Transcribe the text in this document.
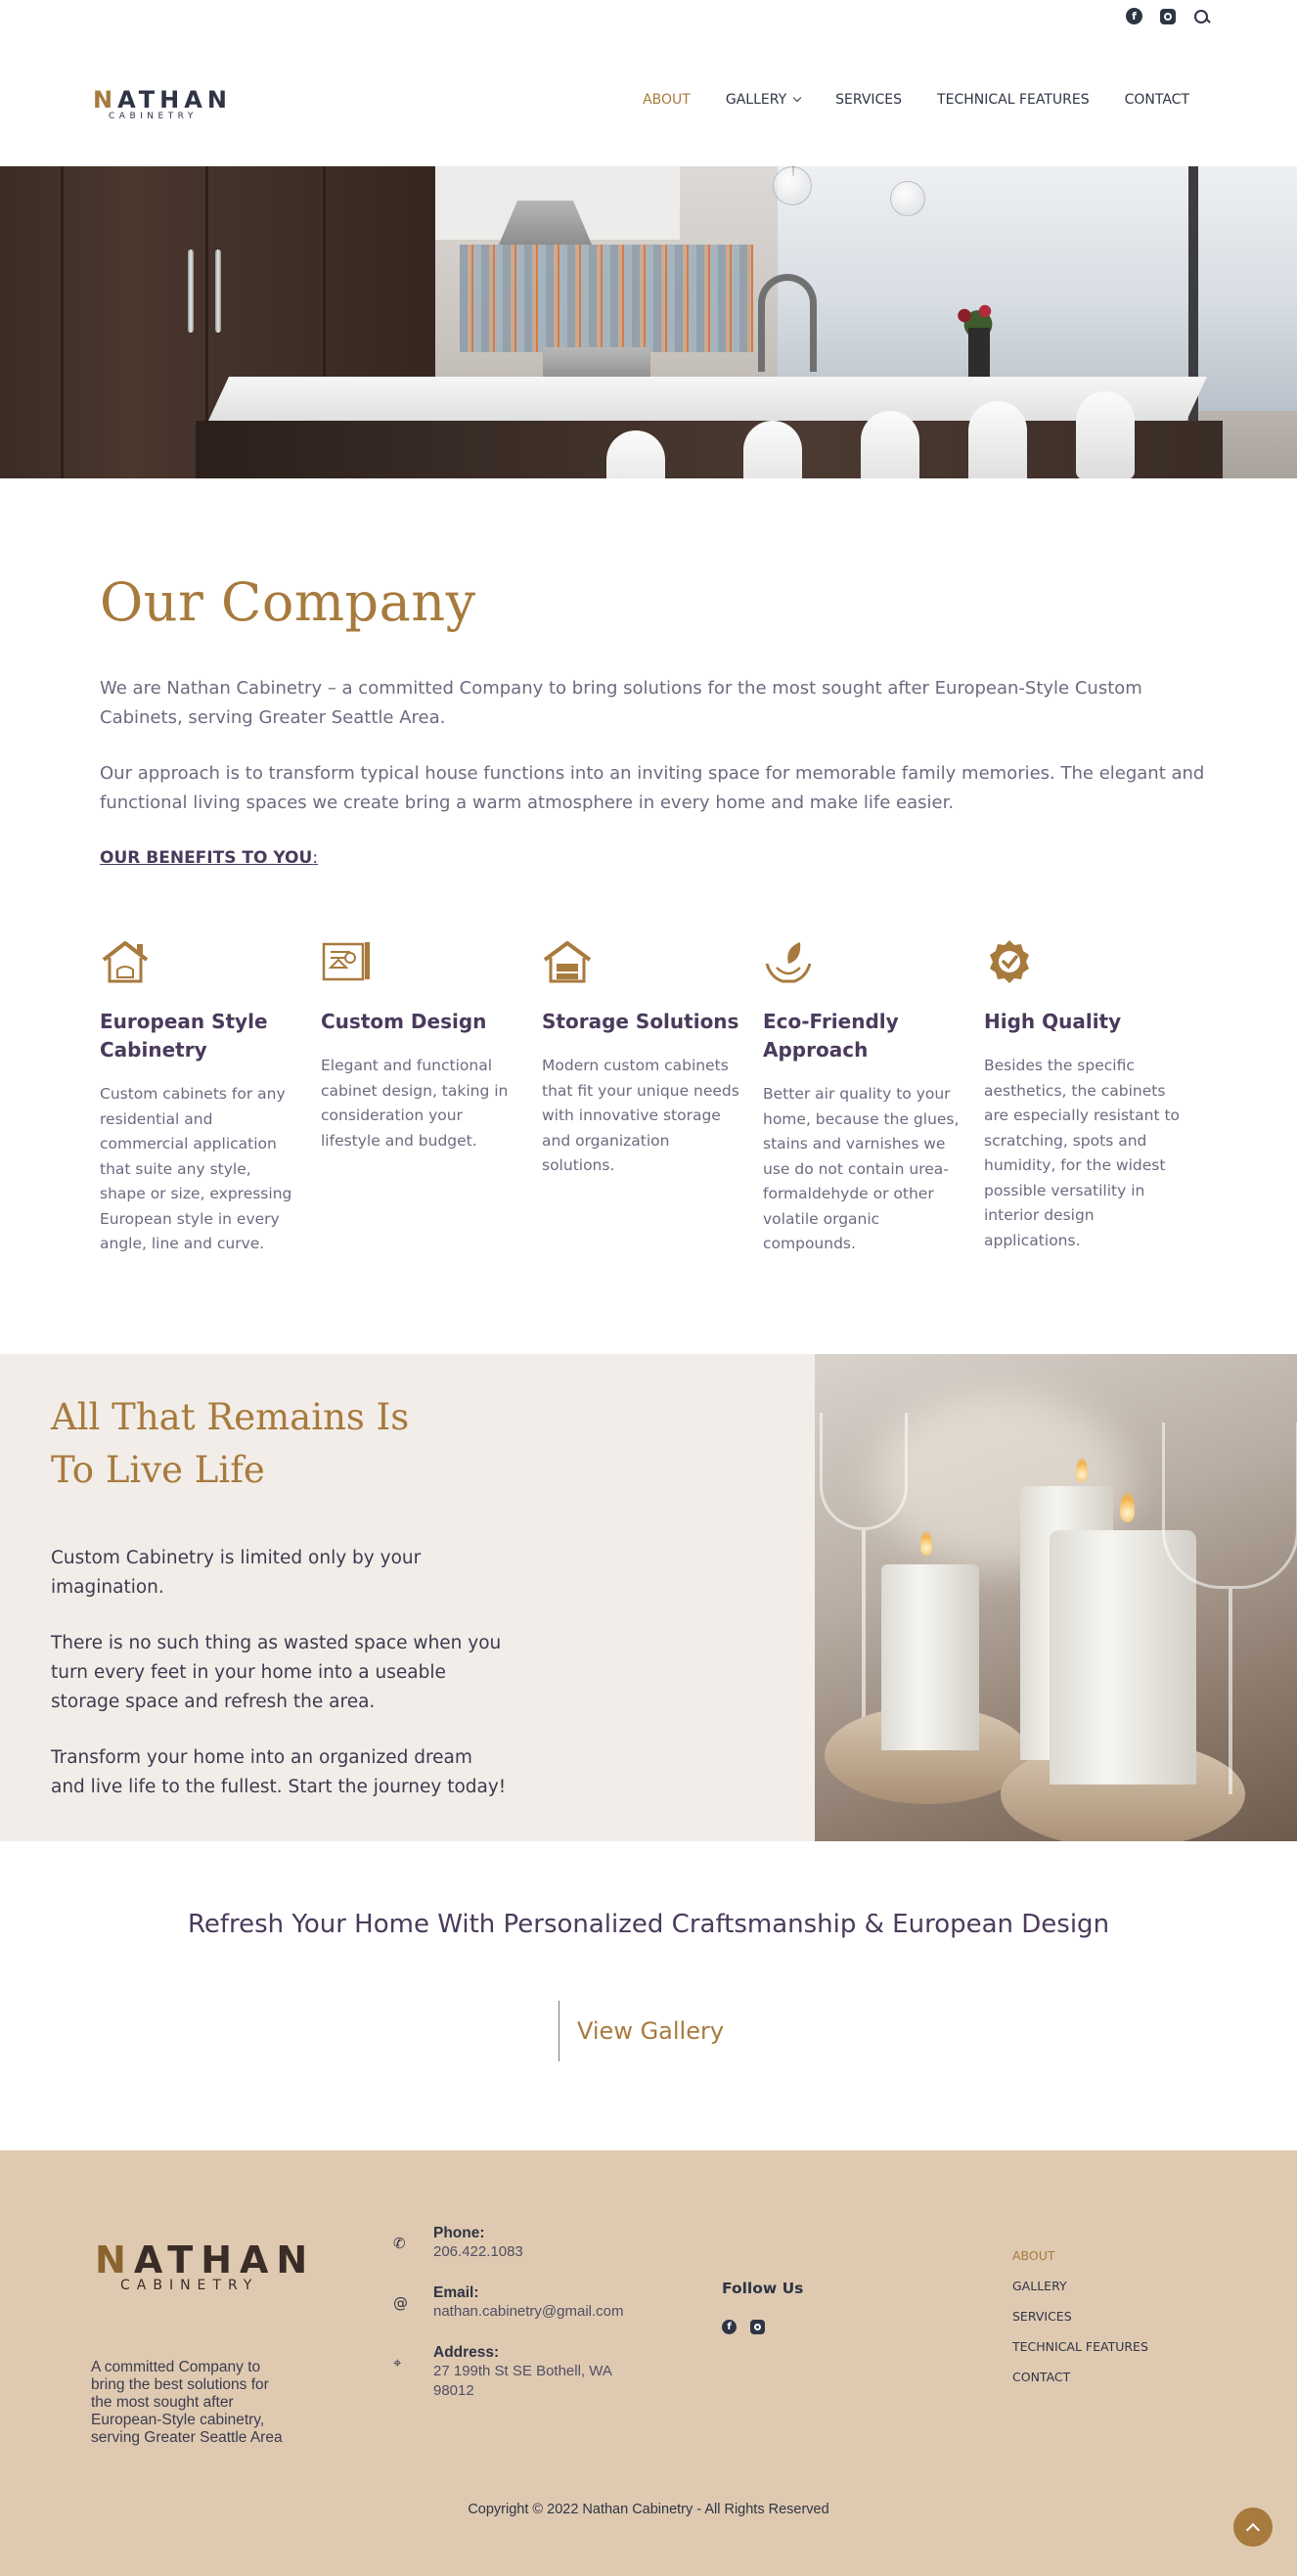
f
NATHAN
CABINETRY
ABOUT	GALLERY	SERVICES	TECHNICAL FEATURES	CONTACT
Our Company

We are Nathan Cabinetry – a committed Company to bring solutions for the most sought after European-Style Custom Cabinets, serving Greater Seattle Area.

Our approach is to transform typical house functions into an inviting space for memorable family memories. The elegant and functional living spaces we create bring a warm atmosphere in every home and make life easier.

OUR BENEFITS TO YOU:
European Style Cabinetry
Custom cabinets for any residential and commercial application that suite any style, shape or size, expressing European style in every angle, line and curve.
Custom Design
Elegant and functional cabinet design, taking in consideration your lifestyle and budget.
Storage Solutions
Modern custom cabinets that fit your unique needs with innovative storage and organization solutions.
Eco-Friendly Approach
Better air quality to your home, because the glues, stains and varnishes we use do not contain urea-formaldehyde or other volatile organic compounds.
High Quality
Besides the specific aesthetics, the cabinets are especially resistant to scratching, spots and humidity, for the widest possible versatility in interior design applications.
All That Remains Is To Live Life

Custom Cabinetry is limited only by your imagination.

There is no such thing as wasted space when you turn every feet in your home into a useable storage space and refresh the area.

Transform your home into an organized dream and live life to the fullest. Start the journey today!

Refresh Your Home With Personalized Craftsmanship & European Design
View Gallery
NATHAN
CABINETRY
A committed Company to bring the best solutions for the most sought after European-Style cabinetry, serving Greater Seattle Area
✆
Phone:
206.422.1083
@
Email:
nathan.cabinetry@gmail.com
⌖
Address:
27 199th St SE Bothell, WA 98012
Follow Us
f
ABOUT
GALLERY
SERVICES
TECHNICAL FEATURES
CONTACT
Copyright © 2022 Nathan Cabinetry - All Rights Reserved
